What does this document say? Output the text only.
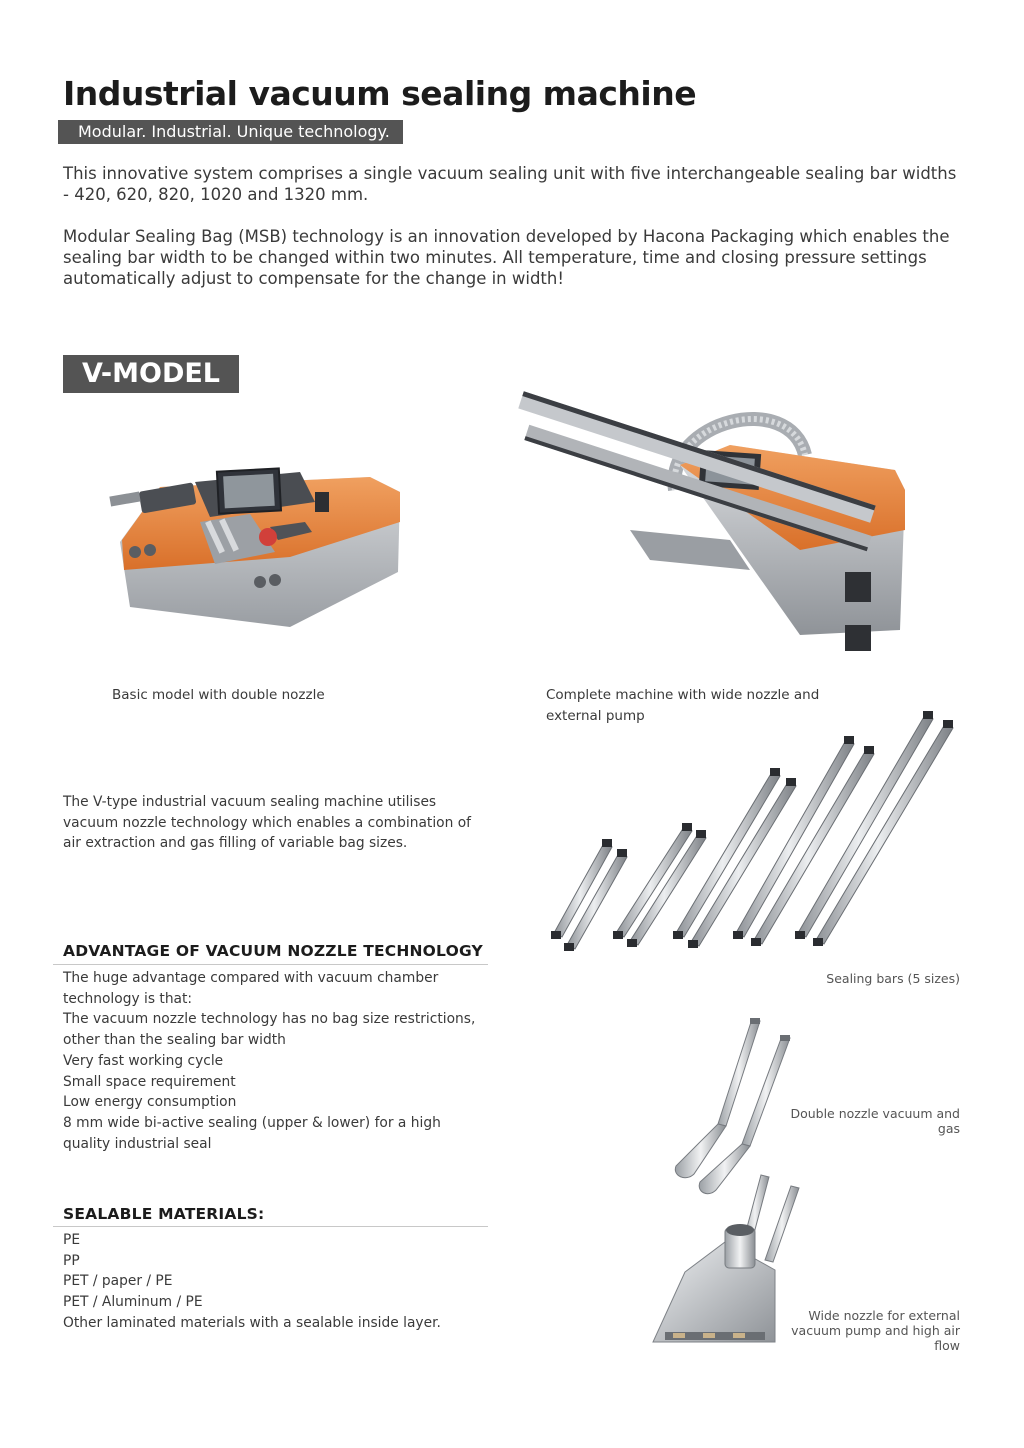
Industrial vacuum sealing machine
Modular. Industrial. Unique technology.

This innovative system comprises a single vacuum sealing unit with five interchangeable sealing bar widths - 420, 620, 820, 1020 and 1320 mm.

Modular Sealing Bag (MSB) technology is an innovation developed by Hacona Packaging which enables the sealing bar width to be changed within two minutes. All temperature, time and closing pressure settings automatically adjust to compensate for the change in width!

V-MODEL
Basic model with double nozzle	Complete machine with wide nozzle and external pump

The V-type industrial vacuum sealing machine utilises vacuum nozzle technology which enables a combination of air extraction and gas filling of variable bag sizes.

Sealing bars (5 sizes)
ADVANTAGE OF VACUUM NOZZLE TECHNOLOGY
The huge advantage compared with vacuum chamber technology is that:
The vacuum nozzle technology has no bag size restrictions, other than the sealing bar width
Very fast working cycle
Small space requirement
Low energy consumption
8 mm wide bi-active sealing (upper & lower) for a high quality industrial seal
Double nozzle vacuum and gas
SEALABLE MATERIALS:
PE
PP
PET / paper / PE
PET / Aluminum / PE
Other laminated materials with a sealable inside layer.	Wide nozzle for external vacuum pump and high air flow
